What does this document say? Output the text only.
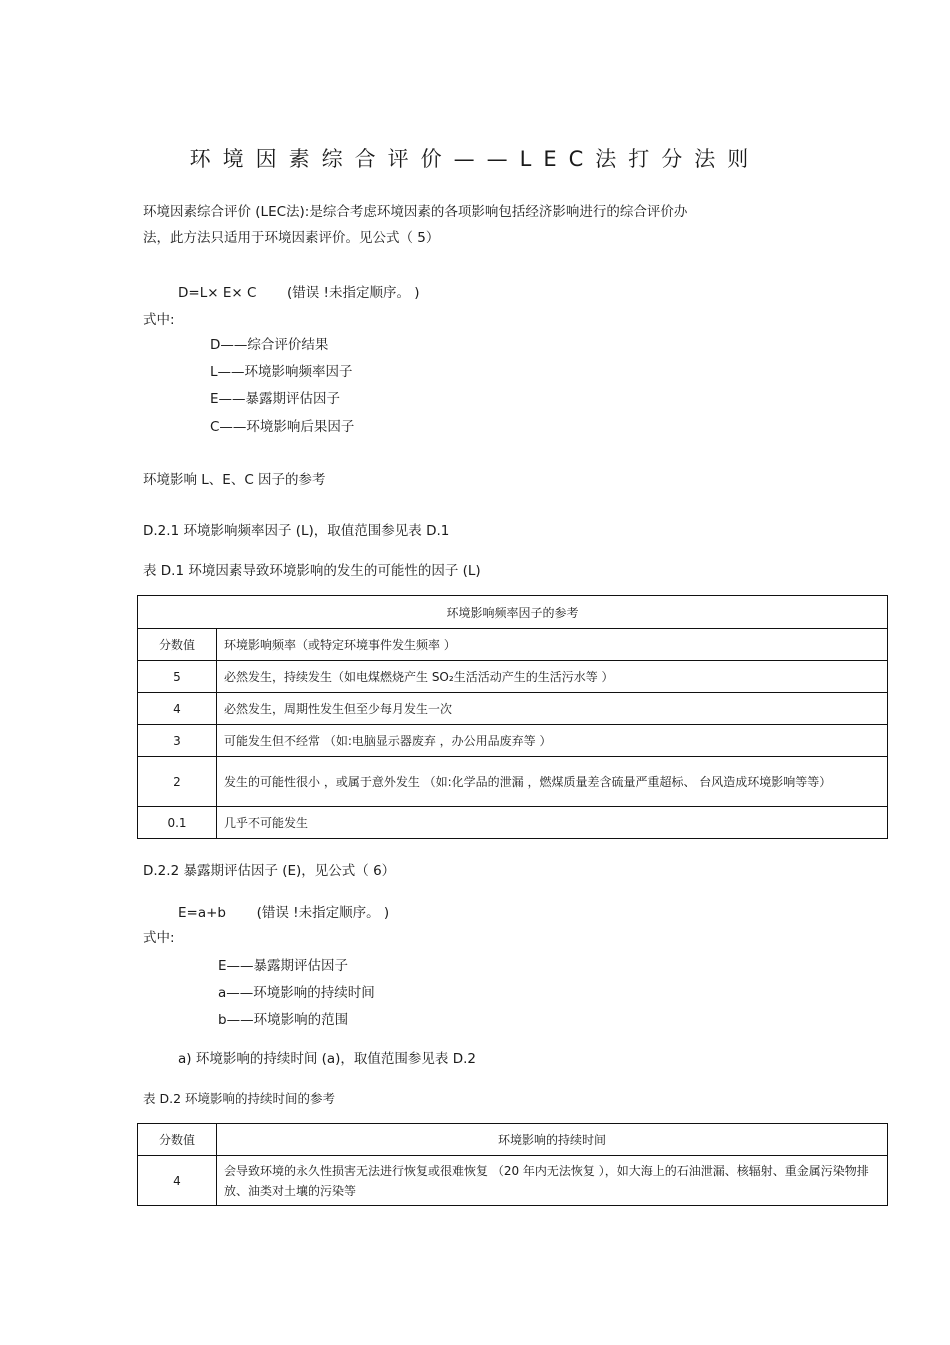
环境因素综合评价——LEC法打分法则
环境因素综合评价 (LEC法):是综合考虑环境因素的各项影响包括经济影响进行的综合评价办
法，此方法只适用于环境因素评价。见公式（ 5）
D=L× E× C (错误 !未指定顺序。 )
式中:
D——综合评价结果
L——环境影响频率因子
E——暴露期评估因子
C——环境影响后果因子
环境影响 L、E、C 因子的参考
D.2.1 环境影响频率因子 (L)，取值范围参见表 D.1
表 D.1 环境因素导致环境影响的发生的可能性的因子 (L)
环境影响频率因子的参考	
分数值	环境影响频率（或特定环境事件发生频率 ）
5	必然发生，持续发生（如电煤燃烧产生 SO₂生活活动产生的生活污水等 ）
4	必然发生，周期性发生但至少每月发生一次
3	可能发生但不经常 （如:电脑显示器废弃 ，办公用品废弃等 ）
2	发生的可能性很小 ，或属于意外发生 （如:化学品的泄漏 ，燃煤质量差含硫量严重超标、 台风造成环境影响等等）
0.1	几乎不可能发生
D.2.2 暴露期评估因子 (E)，见公式（ 6）
E=a+b (错误 !未指定顺序。 )
式中:
E——暴露期评估因子
a——环境影响的持续时间
b——环境影响的范围
a) 环境影响的持续时间 (a)，取值范围参见表 D.2
表 D.2 环境影响的持续时间的参考
分数值	环境影响的持续时间
4	会导致环境的永久性损害无法进行恢复或很难恢复 （20 年内无法恢复 ），如大海上的石油泄漏、核辐射、重金属污染物排放、油类对土壤的污染等
